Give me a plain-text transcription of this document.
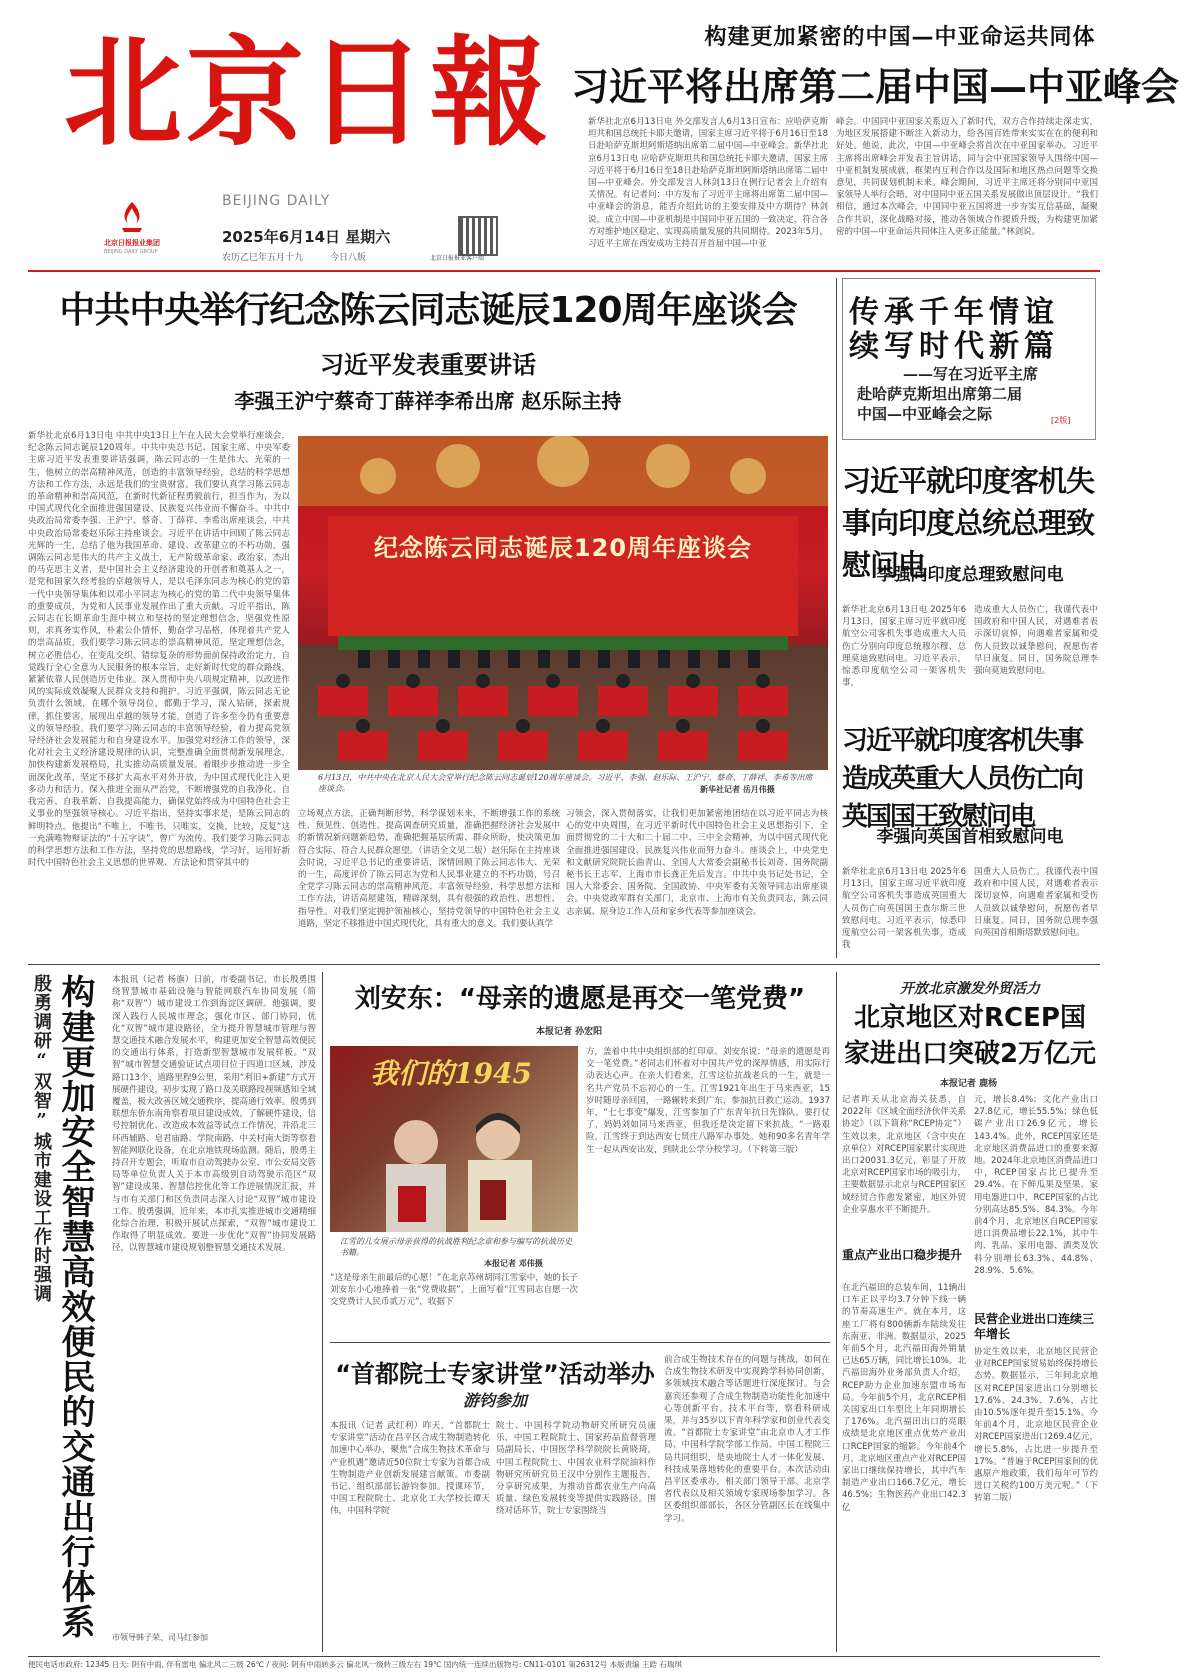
北京日報
BEIJING DAILY
北京日报报业集团
BEIJING DAILY GROUP
2025年6月14日 星期六
农历乙巳年五月十九	今日八版	北京日报报业客户端
构建更加紧密的中国—中亚命运共同体
习近平将出席第二届中国—中亚峰会
新华社北京6月13日电 外交部发言人6月13日宣布：应哈萨克斯坦共和国总统托卡耶夫邀请，国家主席习近平将于6月16日至18日赴哈萨克斯坦阿斯塔纳出席第二届中国—中亚峰会。新华社北京6月13日电 应哈萨克斯坦共和国总统托卡耶夫邀请，国家主席习近平将于6月16日至18日赴哈萨克斯坦阿斯塔纳出席第二届中国—中亚峰会。外交部发言人林剑13日在例行记者会上介绍有关情况。有记者问：中方发布了习近平主席将出席第二届中国—中亚峰会的消息，能否介绍此访的主要安排及中方期待？林剑说，成立中国—中亚机制是中国同中亚五国的一致决定，符合各方对维护地区稳定、实现高质量发展的共同期待。2023年5月，习近平主席在西安成功主持召开首届中国—中亚
峰会。中国同中亚国家关系迈入了新时代，双方合作持续走深走实，为地区发展搭建不断注入新动力，给各国百姓带来实实在在的便利和好处。他说，此次，中国—中亚峰会将首次在中亚国家举办。习近平主席将出席峰会并发表主旨讲话，同与会中亚国家领导人围绕中国—中亚机制发展成就，框架内互利合作以及国际和地区热点问题等交换意见，共同谋划机制未来。峰会期间，习近平主席还将分别同中亚国家领导人举行会晤，对中国同中亚五国关系发展做出顶层设计。“我们相信，通过本次峰会，中国同中亚五国将进一步夯实互信基础，凝聚合作共识，深化战略对接，推动各领域合作提质升级，为构建更加紧密的中国—中亚命运共同体注入更多正能量。”林剑说。
中共中央举行纪念陈云同志诞辰120周年座谈会
习近平发表重要讲话
李强王沪宁蔡奇丁薛祥李希出席 赵乐际主持
新华社北京6月13日电 中共中央13日上午在人民大会堂举行座谈会，纪念陈云同志诞辰120周年。中共中央总书记、国家主席、中央军委主席习近平发表重要讲话强调，陈云同志的一生是伟大、光荣的一生，他树立的崇高精神风范，创造的丰富领导经验，总结的科学思想方法和工作方法，永远是我们的宝贵财富。我们要认真学习陈云同志的革命精神和崇高风范，在新时代新征程勇毅前行，担当作为，为以中国式现代化全面推进强国建设、民族复兴伟业而不懈奋斗。中共中央政治局常委李强、王沪宁、蔡奇、丁薛祥、李希出席座谈会，中共中央政治局常委赵乐际主持座谈会。习近平在讲话中回顾了陈云同志光辉的一生，总结了他为我国革命、建设、改革建立的不朽功勋，强调陈云同志是伟大的共产主义战士，无产阶级革命家、政治家，杰出的马克思主义者，是中国社会主义经济建设的开创者和奠基人之一，是党和国家久经考验的卓越领导人，是以毛泽东同志为核心的党的第一代中央领导集体和以邓小平同志为核心的党的第二代中央领导集体的重要成员，为党和人民事业发展作出了重大贡献。习近平指出，陈云同志在长期革命生涯中树立和坚持的坚定理想信念，坚强党性原则，求真务实作风，朴素公仆情怀，勤奋学习品格，体现着共产党人的崇高品质，我们要学习陈云同志的崇高精神风范，坚定理想信念，树立必胜信心，在变乱交织、错综复杂的形势面前保持政治定力，自觉践行全心全意为人民服务的根本宗旨，走好新时代党的群众路线，紧紧依靠人民创造历史伟业。深入贯彻中央八项规定精神，以改进作风的实际成效凝聚人民群众支持和拥护。习近平强调，陈云同志无论负责什么领域，在哪个领导岗位，都勤于学习，深入钻研，探索规律，抓住要害，展现出卓越的领导才能，创造了许多至今仍有重要意义的领导经验。我们要学习陈云同志的丰富领导经验，着力提高党领导经济社会发展能力和自身建设水平。加强党对经济工作的领导，深化对社会主义经济建设规律的认识，完整准确全面贯彻新发展理念，加快构建新发展格局，扎实推动高质量发展。着眼步步推动进一步全面深化改革，坚定不移扩大高水平对外开放，为中国式现代化注入更多动力和活力。保入推进全面从严治党，不断增强党的自我净化、自我完善、自我革新、自我提高能力，确保党始终成为中国特色社会主义事业的坚强领导核心。习近平指出，坚持实事求是，是陈云同志的鲜明特点。他提出“不唯上，不唯书，只唯实，交换，比较，反复”这一充满唯物辩证法的“十五字诀”，曾广为流传。我们要学习陈云同志的科学思想方法和工作方法，坚持党的思想路线，学习好，运用好新时代中国特色社会主义思想的世界观、方法论和贯穿其中的
纪念陈云同志诞辰120周年座谈会
6月13日，中共中央在北京人民大会堂举行纪念陈云同志诞辰120周年座谈会。习近平、李强、赵乐际、王沪宁、蔡奇、丁薛祥、李希等出席座谈会。	新华社记者 岳月伟摄
立场观点方法，正确判断形势，科学谋划未来，不断增强工作的系统性、预见性、创造性。提高调查研究质量，准确把握经济社会发展中的新情况新问题新趋势，准确把握基层所需、群众所盼，使决策更加符合实际、符合人民群众愿望。（讲话全文见二版）赵乐际在主持座谈会时说，习近平总书记的重要讲话，深情回顾了陈云同志伟大、光荣的一生，高度评价了陈云同志为党和人民事业建立的不朽功勋，号召全党学习陈云同志的崇高精神风范、丰富领导经验，科学思想方法和工作方法，讲话高屋建瓴，精辟深刻，具有很强的政治性、思想性、指导性。对我们坚定拥护领袖核心，坚持党领导的中国特色社会主义道路，坚定不移推进中国式现代化，具有重大的意义。我们要认真学
习领会，深入贯彻落实，让我们更加紧密地团结在以习近平同志为核心的党中央周围，在习近平新时代中国特色社会主义思想指引下，全面贯彻党的二十大和二十届二中、三中全会精神，为以中国式现代化全面推进强国建设、民族复兴伟业而努力奋斗。座谈会上，中央党史和文献研究院院长曲青山、全国人大常委会副秘书长刘奇、国务院副秘书长王志军、上海市市长龚正先后发言。中共中央书记处书记，全国人大常委会、国务院、全国政协、中央军委有关领导同志出席座谈会。中央党政军群有关部门，北京市、上海市有关负责同志，陈云同志亲属、原身边工作人员和家乡代表等参加座谈会。
传承千年情谊
续写时代新篇
——写在习近平主席
赴哈萨克斯坦出席第二届
中国—中亚峰会之际	[2版]
习近平就印度客机失事向印度总统总理致慰问电
李强向印度总理致慰问电
新华社北京6月13日电 2025年6月13日，国家主席习近平就印度航空公司客机失事造成重大人员伤亡分别向印度总统穆尔穆、总理莫迪致慰问电。习近平表示，惊悉印度航空公司一架客机失事，
造成重大人员伤亡，我谨代表中国政府和中国人民，对遇难者表示深切哀悼，向遇难者家属和受伤人员致以诚挚慰问，祝愿伤者早日康复。同日，国务院总理李强向莫迪致慰问电。
习近平就印度客机失事造成英重大人员伤亡向英国国王致慰问电
李强向英国首相致慰问电
新华社北京6月13日电 2025年6月13日，国家主席习近平就印度航空公司客机失事造成英国重大人员伤亡向英国国王查尔斯三世致慰问电。习近平表示，惊悉印度航空公司一架客机失事，造成我
国重大人员伤亡。我谨代表中国政府和中国人民，对遇难者表示深切哀悼，向遇难者家属和受伤人员致以诚挚慰问，祝愿伤者早日康复。同日，国务院总理李强向英国首相斯塔默致慰问电。
殷勇调研“双智”城市建设工作时强调 构建更加安全智慧高效便民的交通出行体系 本报讯（记者 杨旗）日前，市委副书记、市长殷勇围绕智慧城市基础设施与智能网联汽车协同发展（简称“双智”）城市建设工作到海淀区调研。他强调，要深入践行人民城市理念，强化市区、部门协同，优化“双智”城市建设路径，全力提升智慧城市管理与智慧交通技术融合发展水平，构建更加安全智慧高效便民的交通出行体系，打造新型智慧城市发展样板。“双智”城市智慧交通验证试点项目位于四道口区域，涉及路口13个，道路里程9公里，采用“利旧+新建”方式开展硬件建设，初步实现了路口及关联路段视频感知全域覆盖，极大改善区域交通秩序，提高通行效率。殷勇到联想东侨东南角察看项目建设成效，了解硬件建设，信号控制优化、改造成本效益等试点工作情况，并沿北三环西辅路、皂君庙路、学院南路、中关村南大街等察看智能网联化设备，在北京地铁现场监测。随后，殷勇主持召开专题会，听取市自动驾驶办公室、市公安局交管局等单位负责人关于本市高级别自动驾驶示范区“双智”建设成果、智慧信控优化等工作进展情况汇报，并与市有关部门和区负责同志深入讨论“双智”城市建设工作。殷勇强调，近年来，本市扎实推进城市交通精细化综合治理，积极开展试点探索，“双智”城市建设工作取得了明显成效。要进一步优化“双智”协同发展路径，以智慧城市建设规划整智慧交通技术发展。
市领导韩子荣、司马红参加
刘安东：“母亲的遗愿是再交一笔党费”
本报记者 孙宏阳
我们的1945
江雪的儿女展示母亲获得的抗战胜利纪念章和参与编写的抗战历史书籍。
本报记者 邓伟摄
“这是母亲生前最后的心愿！”在北京苏州胡同江雪家中，她的长子刘安东小心地捧着一张“党费收据”，上面写着“江雪同志自愿一次交党费计人民币贰万元”，收据下
方，盖着中共中央组织部的红印章。刘安东说：“母亲的遗愿是再交一笔党费。”老同志们怀着对中国共产党的深厚情感，用实际行动表达心声。在亲人们看来，江雪这位抗战老兵的一生，就是一名共产党员不忘初心的一生。江雪1921年出生于马来西亚，15岁时随母亲回国，一路辗转来到广东，参加抗日救亡运动。1937年，“七七事变”爆发，江雪参加了广东青年抗日先锋队。要打仗了，妈妈刘如同马来西亚，但我还是决定留下来抗战。“一路艰险，江雪终于到达西安七贤庄八路军办事处。她和90多名青年学生一起从西安出发，到陕北公学分校学习。（下转第三版）
“首都院士专家讲堂”活动举办
游钧参加
本报讯（记者 武红利）昨天，“首都院士专家讲堂”活动在昌平区合成生物制造转化加速中心举办，聚焦“合成生物技术革命与产业机遇”邀请近50位院士专家为首都合成生物制造产业创新发展建言献策。市委副书记、组织部部长游钧参加。授课环节，中国工程院院士、北京化工大学校长谭天伟，中国科学院
院士、中国科学院动物研究所研究员康乐，中国工程院院士、国家药品监督管理局副局长、中国医学科学院院长黄晓琦，中国工程院院士、中国农业科学院油料作物研究所研究员王汉中分别作主题报告，分享研究成果，为推动首都农业生产向高质量、绿色发展转变等提供实践路径。围绕对话环节，院士专家围绕当
前合成生物技术存在的问题与挑战，如何在合成生物技术研发中实现跨学科协同创新，多领域技术融合等话题进行深度探讨。与会嘉宾还参观了合成生物制造功能性化加速中心等创新平台，技术平台等，察看科研成果，并与35岁以下青年科学家和创业代表交流。“首都院士专家讲堂”由北京市人才工作局、中国科学院学部工作局、中国工程院三局共同组织，是央地院士人才一体化发展、科技成果落地转化的重要平台。本次活动由昌平区委承办，相关部门领导干部、北京学者代表以及相关领域专家现场参加学习。各区委组织部部长，各区分管副区长在线集中学习。
开放北京激发外贸活力
北京地区对RCEP国家进出口突破2万亿元
本报记者 鹿杨
记者昨天从北京海关获悉，自2022年《区域全面经济伙伴关系协定》（以下简称“RCEP协定”）生效以来，北京地区（含中央在京单位）对RCEP国家累计实现进出口20031.3亿元，彰显了开放北京对RCEP国家市场的吸引力，主要数据显示北京与RCEP国家区域经贸合作愈发紧密，地区外贸企业享惠水平不断提升。
重点产业出口稳步提升
在北汽福田的总装车间，11辆出口车正以平均3.7分钟下线一辆的节奏高速生产。就在本月，这座工厂将有800辆新车陆续发往东南亚、非洲。数据显示，2025年前5个月，北汽福田海外销量已达65万辆，同比增长10%。北汽福田海外业务部负责人介绍，RCEP助力企业加速东盟市场布局。今年前5个月，北京RCEP相关国家出口车型比上年同期增长了176%。北汽福田出口的亮眼成绩是北京地区重点优势产业出口RCEP国家的缩影。今年前4个月，北京地区重点产业对RCEP国家出口继续保持增长，其中汽车制造产业出口166.7亿元，增长46.5%；生物医药产业出口42.3亿
元，增长8.4%；文化产业出口27.8亿元，增长55.5%；绿色低碳产业出口26.9亿元，增长143.4%。此外，RCEP国家还是北京地区消费品进口的重要来源地。2024年北京地区消费品进口中，RCEP国家占比已提升至29.4%。在下鲜瓜果及坚果、家用电器进口中，RCEP国家的占比分别高达85.5%、84.3%。今年前4个月，北京地区自RCEP国家进口消费品增长22.1%，其中牛肉、乳品、家用电器、酒类及饮料分别增长63.3%、44.8%、28.9%、5.6%。
民营企业进出口连续三年增长
协定生效以来，北京地区民营企业对RCEP国家贸易始终保持增长态势。数据显示，三年间北京地区对RCEP国家进出口分别增长17.6%、24.3%、7.6%，占比由10.5%逐年提升至15.1%。今年前4个月，北京地区民营企业对RCEP国家进出口269.4亿元，增长5.8%，占比进一步提升至17%。“普遍于RCEP国家间的优惠原产地政策，我们每年可节约进口关税约100万美元呢。”（下转第二版）
便民电话市政府: 12345 日天: 阴有中雨, 伴有雷电 偏北风二三级 26℃ / 夜间: 阴有中雨转多云 偏北风一级转三级左右 19℃ 国内统一连续出版物号: CN11-0101 第26312号 本版责编 王皓 石瑞琪
